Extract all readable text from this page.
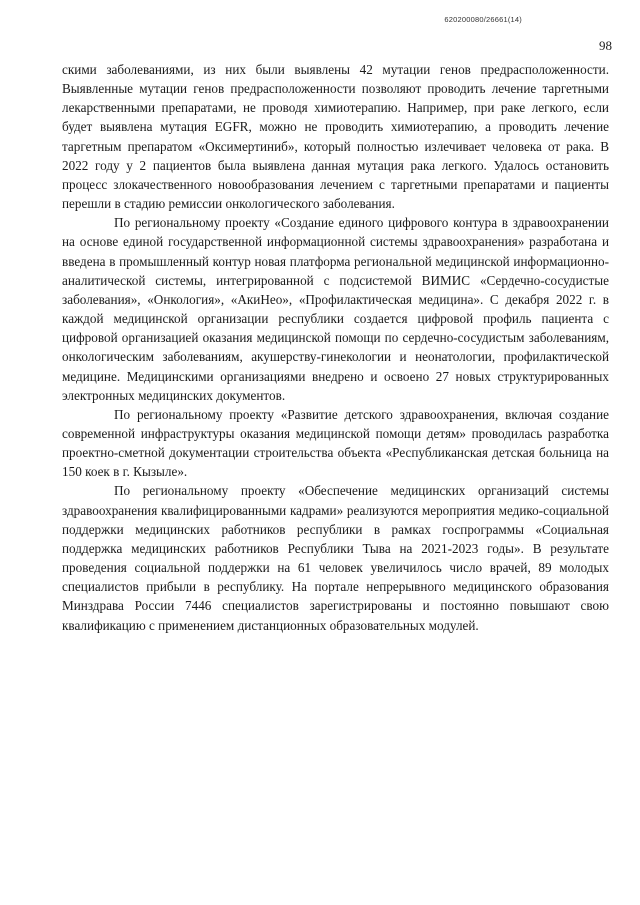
620200080/26661(14)
98

скими заболеваниями, из них были выявлены 42 мутации генов предрасположенности. Выявленные мутации генов предрасположенности позволяют проводить лечение таргетными лекарственными препаратами, не проводя химиотерапию. Например, при раке легкого, если будет выявлена мутация EGFR, можно не проводить химиотерапию, а проводить лечение таргетным препаратом «Оксимертиниб», который полностью излечивает человека от рака. В 2022 году у 2 пациентов была выявлена данная мутация рака легкого. Удалось остановить процесс злокачественного новообразования лечением с таргетными препаратами и пациенты перешли в стадию ремиссии онкологического заболевания.

По региональному проекту «Создание единого цифрового контура в здравоохранении на основе единой государственной информационной системы здравоохранения» разработана и введена в промышленный контур новая платформа региональной медицинской информационно-аналитической системы, интегрированной с подсистемой ВИМИС «Сердечно-сосудистые заболевания», «Онкология», «АкиНео», «Профилактическая медицина». С декабря 2022 г. в каждой медицинской организации республики создается цифровой профиль пациента с цифровой организацией оказания медицинской помощи по сердечно-сосудистым заболеваниям, онкологическим заболеваниям, акушерству-гинекологии и неонатологии, профилактической медицине. Медицинскими организациями внедрено и освоено 27 новых структурированных электронных медицинских документов.

По региональному проекту «Развитие детского здравоохранения, включая создание современной инфраструктуры оказания медицинской помощи детям» проводилась разработка проектно-сметной документации строительства объекта «Республиканская детская больница на 150 коек в г. Кызыле».

По региональному проекту «Обеспечение медицинских организаций системы здравоохранения квалифицированными кадрами» реализуются мероприятия медико-социальной поддержки медицинских работников республики в рамках госпрограммы «Социальная поддержка медицинских работников Республики Тыва на 2021-2023 годы». В результате проведения социальной поддержки на 61 человек увеличилось число врачей, 89 молодых специалистов прибыли в республику. На портале непрерывного медицинского образования Минздрава России 7446 специалистов зарегистрированы и постоянно повышают свою квалификацию с применением дистанционных образовательных модулей.
